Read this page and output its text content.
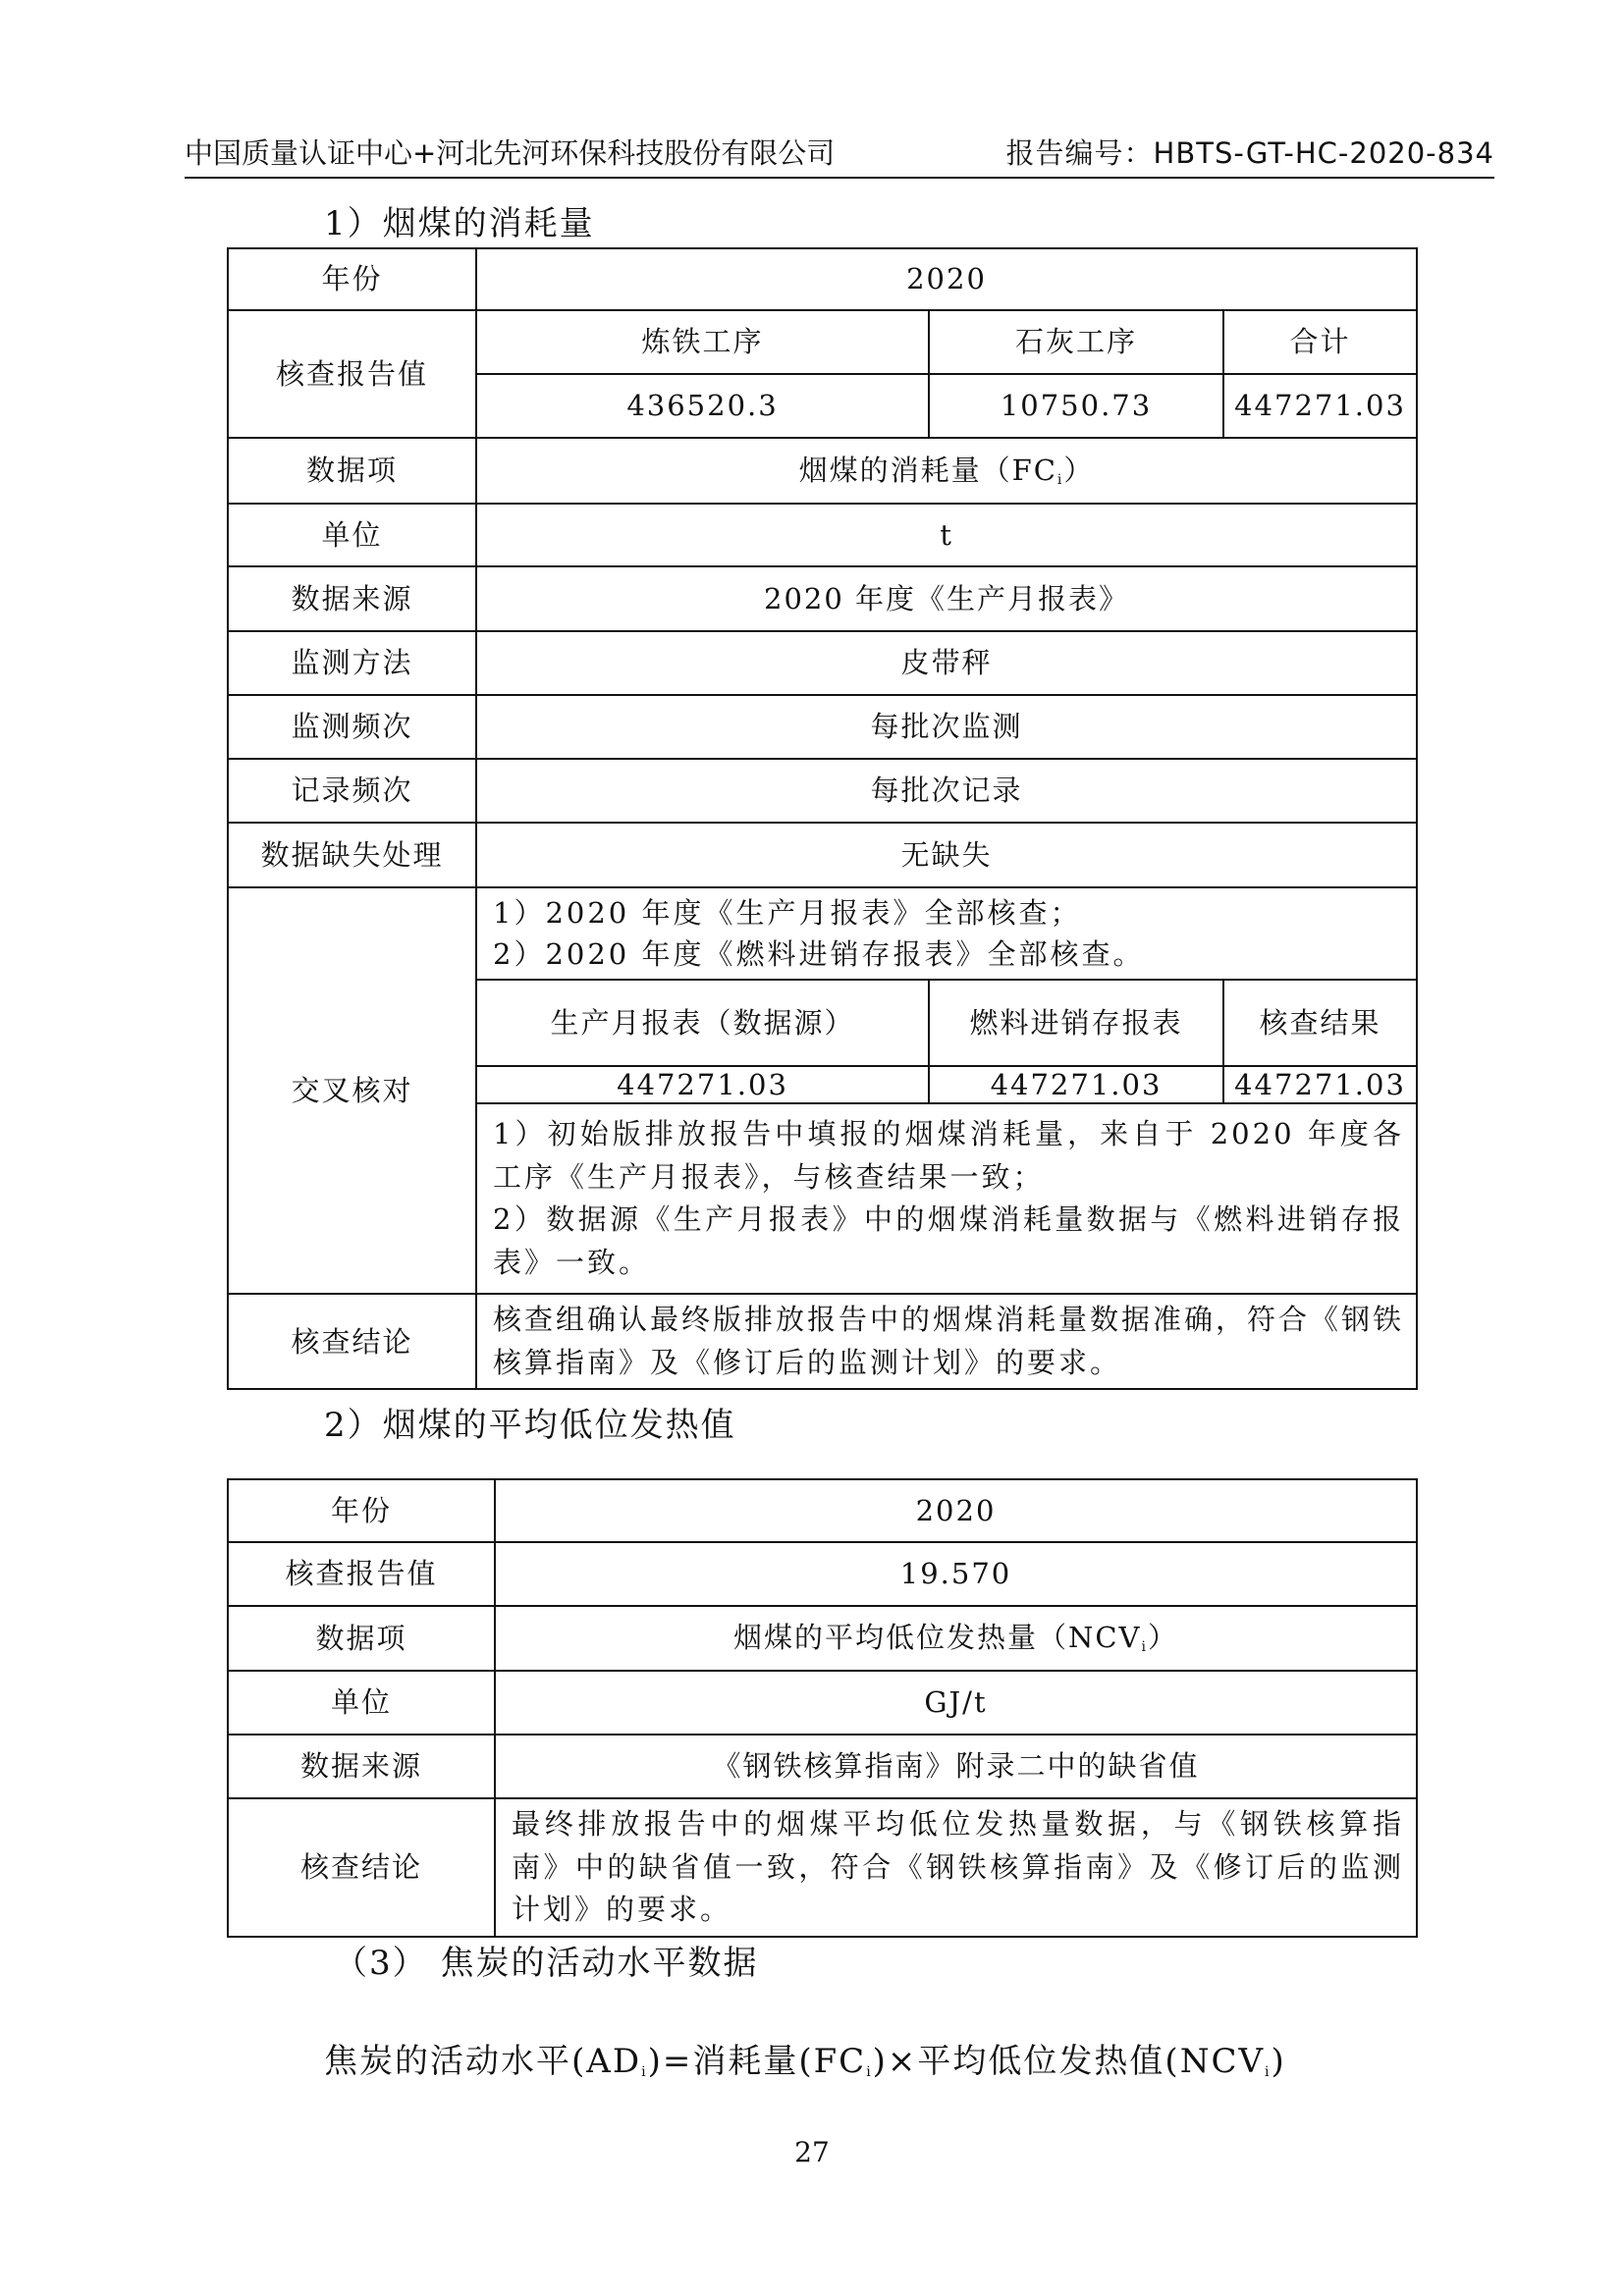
中国质量认证中心+河北先河环保科技股份有限公司	报告编号：HBTS-GT-HC-2020-834
1）烟煤的消耗量
年份	2020		
核查报告值	炼铁工序	石灰工序	合计
	436520.3	10750.73	447271.03
数据项	烟煤的消耗量$(FC_i)$		
单位	t		
数据来源	2020 年度《生产月报表》		
监测方法	皮带秤		
监测频次	每批次监测		
记录频次	每批次记录		
数据缺失处理	无缺失		
交叉核对	1）2020 年度《生产月报表》全部核查；
2）2020 年度《燃料进销存报表》全部核查。		

	生产月报表（数据源）	燃料进销存报表	核查结果
	447271.03	447271.03	447271.03

	1）初始版排放报告中填报的烟煤消耗量，来自于 2020 年度各工序《生产月报表》，与核查结果一致；
2）数据源《生产月报表》中的烟煤消耗量数据与《燃料进销存报表》一致。		

核查结论	核查组确认最终版排放报告中的烟煤消耗量数据准确，符合《钢铁核算指南》及《修订后的监测计划》的要求。		
2）烟煤的平均低位发热值
年份	2020
核查报告值	19.570
数据项	烟煤的平均低位发热量$(NCV_i)$
单位	GJ/t
数据来源	《钢铁核算指南》附录二中的缺省值
核查结论	最终排放报告中的烟煤平均低位发热量数据，与《钢铁核算指南》中的缺省值一致，符合《钢铁核算指南》及《修订后的监测计划》的要求。
（3） 焦炭的活动水平数据
焦炭的活动水平$(AD_i)=$消耗量$(FC_i)\times$平均低位发热值$(NCV_i)$
27
